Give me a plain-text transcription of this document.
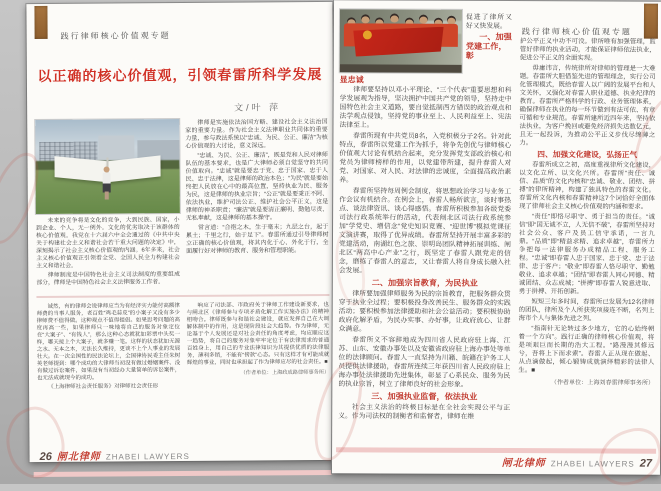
践行律师核心价值观专题
以正确的核心价值观，引领春雷所科学发展
文/叶 萍

未来的竞争将是文化的竞争，大到民族、国家，小到企业、个人，无一例外。文化的优劣取决于该群体的核心价值观。我党在十六届六中全会通过的《中共中央关于构建社会主义和谐社会若干重大问题的决定》中，深刻揭示了社会主义核心价值观的内涵。6年多来，社会主义核心价值观正引领着全党、全国人民全力构建社会主义和谐社会。

律师制度是中国特色社会主义司法制度的重要组成部分，律师是中国特色社会主义法律服务工作者。

律师是实施依法治国方略、建设社会主义法治国家的重要力量。作为社会主义法律职业共同体的重要力量，参与政法系统以“忠诚、为民、公正、廉洁”为核心价值观的大讨论，意义深远。

“忠诚、为民、公正、廉洁”，既是党和人民对律师队伍的基本要求，也是广大律师必须自觉坚守的共同价值取向。“忠诚”就是要忠于党、忠于国家、忠于人民、忠于法律，这是律师的政治本色；“为民”就是要始终把人民放在心中的最高位置，坚持执业为民、服务为民，这是律师的执业宗旨；“公正”就是要秉正不阿、依法执业，维护司法公正、维护社会公平正义，这是律师的神圣职责；“廉洁”就是要清正廉明、勤勉尽责、无私奉献，这是律师的基本操守。

常言道：“合抱之木，生于毫末；九层之台，起于累土；千里之行，始于足下”。春雷所通过引导律师树立正确的核心价值观，将其内化于心、外化于行，全面履行好对律师的教育、服务和管理职能。

诚然，有的律师会说律师应当为有经济实力能付高额律师费的当事人服务，老百姓“鸡毛蒜皮”的小案子又没有多少律师费不值得做。这种观点不值得提倡。如果思考问题的高度再高一些，如果律师只一味地将自己的服务对象定位在“大案子”、“有钱人”，那么这种心态就犹如彩票中头奖一样，哪天接上个大案子，就多赚一笔。这样的状态犹如无源之水、无本之木，无法长久维持，更谈不上个人事业的发展壮大。在一次全国性的民法论坛上，全国律协民委主任朱树英老师提到：哪个成功的大律师当初没有做过婚姻案件、没有做过诉讼案件，如果没有当初经办大量简单的诉讼案件，也无法成就现今的成功。

《上海律师社会责任服务》对律师社会责任形

响应了司法部、市政府关于律师工作建设新要求，也与闸北区《律师参与专项矛盾化解工作实施办法》的精神相吻合。律师既参与和谐社会建设，就应发挥自己在大调解体制中的作用，这是现阶段社会大趋势。作为律师，无论基于个人发展还是对社会责任的角度考虑，均应顺应这一趋势，将自己的服务对象牢牢定位于有法律需求的普通百姓身上，用自己的专业法律知识为其提供优质的法律服务，薄利多销，不能有“傍款”心态。只有这样才有可能成就辉煌的事业，同时也承担起了作为律师应尽的社会责任。■

（作者单位：上海政成路律师事务所）

26 闸北律师 ZHABEI LAWYERS
践行律师核心价值观专题

促进了律所又好又快发展。

一、加强
党建工作，彰
显忠诚

律师要坚持以邓小平理论、“三个代表”重要思想和科学发展观为指导，坚决拥护中国共产党的领导，坚持走中国特色社会主义道路，要自觉抵制西方错误的政治观点和法学观点侵蚀，坚持党的事业至上、人民利益至上、宪法法律至上。

春雷所现有中共党员8名，入党积极分子2名。针对此特点，春雷所以党建工作为抓手，将争先创优与律师核心价值观大讨论有机结合起来，充分发挥党支部政治核心和党员为律师榜样的作用，以党建带所建，提升春雷人对党、对国家、对人民、对法律的忠诚度，全面提高政治素养。

春雷所坚持每周例会制度，将思想政治学习与业务工作会议有机结合。在例会上，春雷人畅所欲言，谈时事热点、谈法律资讯、谈心得感悟。春雷所积极参加各级党委司法行政系统举行的活动，代表闸北区司法行政系统参加“学党史、增信念”党史知识竞赛、“迎世博”模拟党课征文演讲赛，取得了优异成绩。春雷所坚持开展丰富多彩的党建活动，南湖红色之旅、崇明岛团队精神拓展训练、闸北区“两高中心产业”之行，既坚定了春雷人跟党走的信念，磨练了春雷人的意志，又让春雷人将自身成长融入社会发展。

二、加强宗旨教育，为民执业

律所要加强律师服务为民的宗旨教育，把服务群众贯穿于执业全过程；要积极投身改善民生、服务群众的实践活动；要积极参加法律援助和社会公益活动；要积极协助政府化解矛盾，为民办实事、办好事，让政府放心、让群众满意。

春雷所义不容辞地成为四川省人民政府驻上海、江苏、山东、安徽办事处以及安徽省政府驻上海办事处等单位的法律顾问。春雷人一直坚持为川籍、皖籍在沪务工人员提供法律援助，春雷所连续三年获四川省人民政府驻上海办事处法律援助先进集体，彰显了心系民众、服务为民的执业宗旨，树立了律师良好的社会形象。

三、加强执业监督，依法执业

社会主义法治的终极目标是在全社会实现公平与正义。作为司法权的制衡者和监督者，律师在维

护公平正义中功不可没。律所唯有加强管理，监管好律师的执业活动，才能保证律师依法执业，促进公平正义的全面实现。

毋庸讳言，传统律所对律师的管理是一大难题。春雷所大胆借鉴先进的管理理念，实行公司化管理模式，既给春雷人以广阔的发展平台和人文关怀，又强化对春雷人职业道德、执业纪律的教育。春雷所严格科学的行政、业务管理体系，确保律师在执业的每一环节做到有法可依、有章可循和专业规范。春雷所建所近四年来，坚持依法执业，为客户挽回或避免经济损失达数亿元，且无一起投诉，为推动公平正义步伐尽绵薄之力。

四、加强文化建设，弘扬正气

春雷所成立之初，高度重视律所文化建设，以文化立所、以文化兴所。春雷所“责任、诚信、品质”的文化内核和“忠诚、敬业、团结、拼搏”的律所精神，构建了独具特色的春雷文化。春雷所文化内核和春雷精神这7个词恰好全面体现了律师社会主义核心价值观的内涵和要求。

“责任”即恪尽职守、勇于担当的责任。“诚信”即“国无诚不立，人无信不破”，春雷所坚持对社会公众、客户及员工信守承诺，一言九鼎。“品质”即“精益求精、追求卓越”，春雷所力争把每一法律服务办成精品工程、服务工程。“忠诚”即春雷人忠于国家、忠于党、忠于法律、忠于客户；“敬业”即春雷人恪尽职守、勤勉敬业、追求卓越；“团结”即春雷人同心同德、精诚团结、众志成城；“拼搏”即春雷人锐意进取、勇于拼搏、开拓创新。

短短三年多时间，春雷所已发展为12名律师的团队，律所及个人所获奖项接连不断，名列上海市个人与集体先进之列。

“指南针无论转过多少地方，它的心始终朝着一个方向”。践行正确的律师核心价值观，将是项艰巨而长期的浩大工程。“路漫漫其修远兮，吾将上下而求索”。春雷人正从现在做起、从点滴做起，倾心锻铸成就演绎精彩的法律人生。■

（作者单位：上海刘春雷律师事务所）

闸北律师 ZHABEI LAWYERS 27
